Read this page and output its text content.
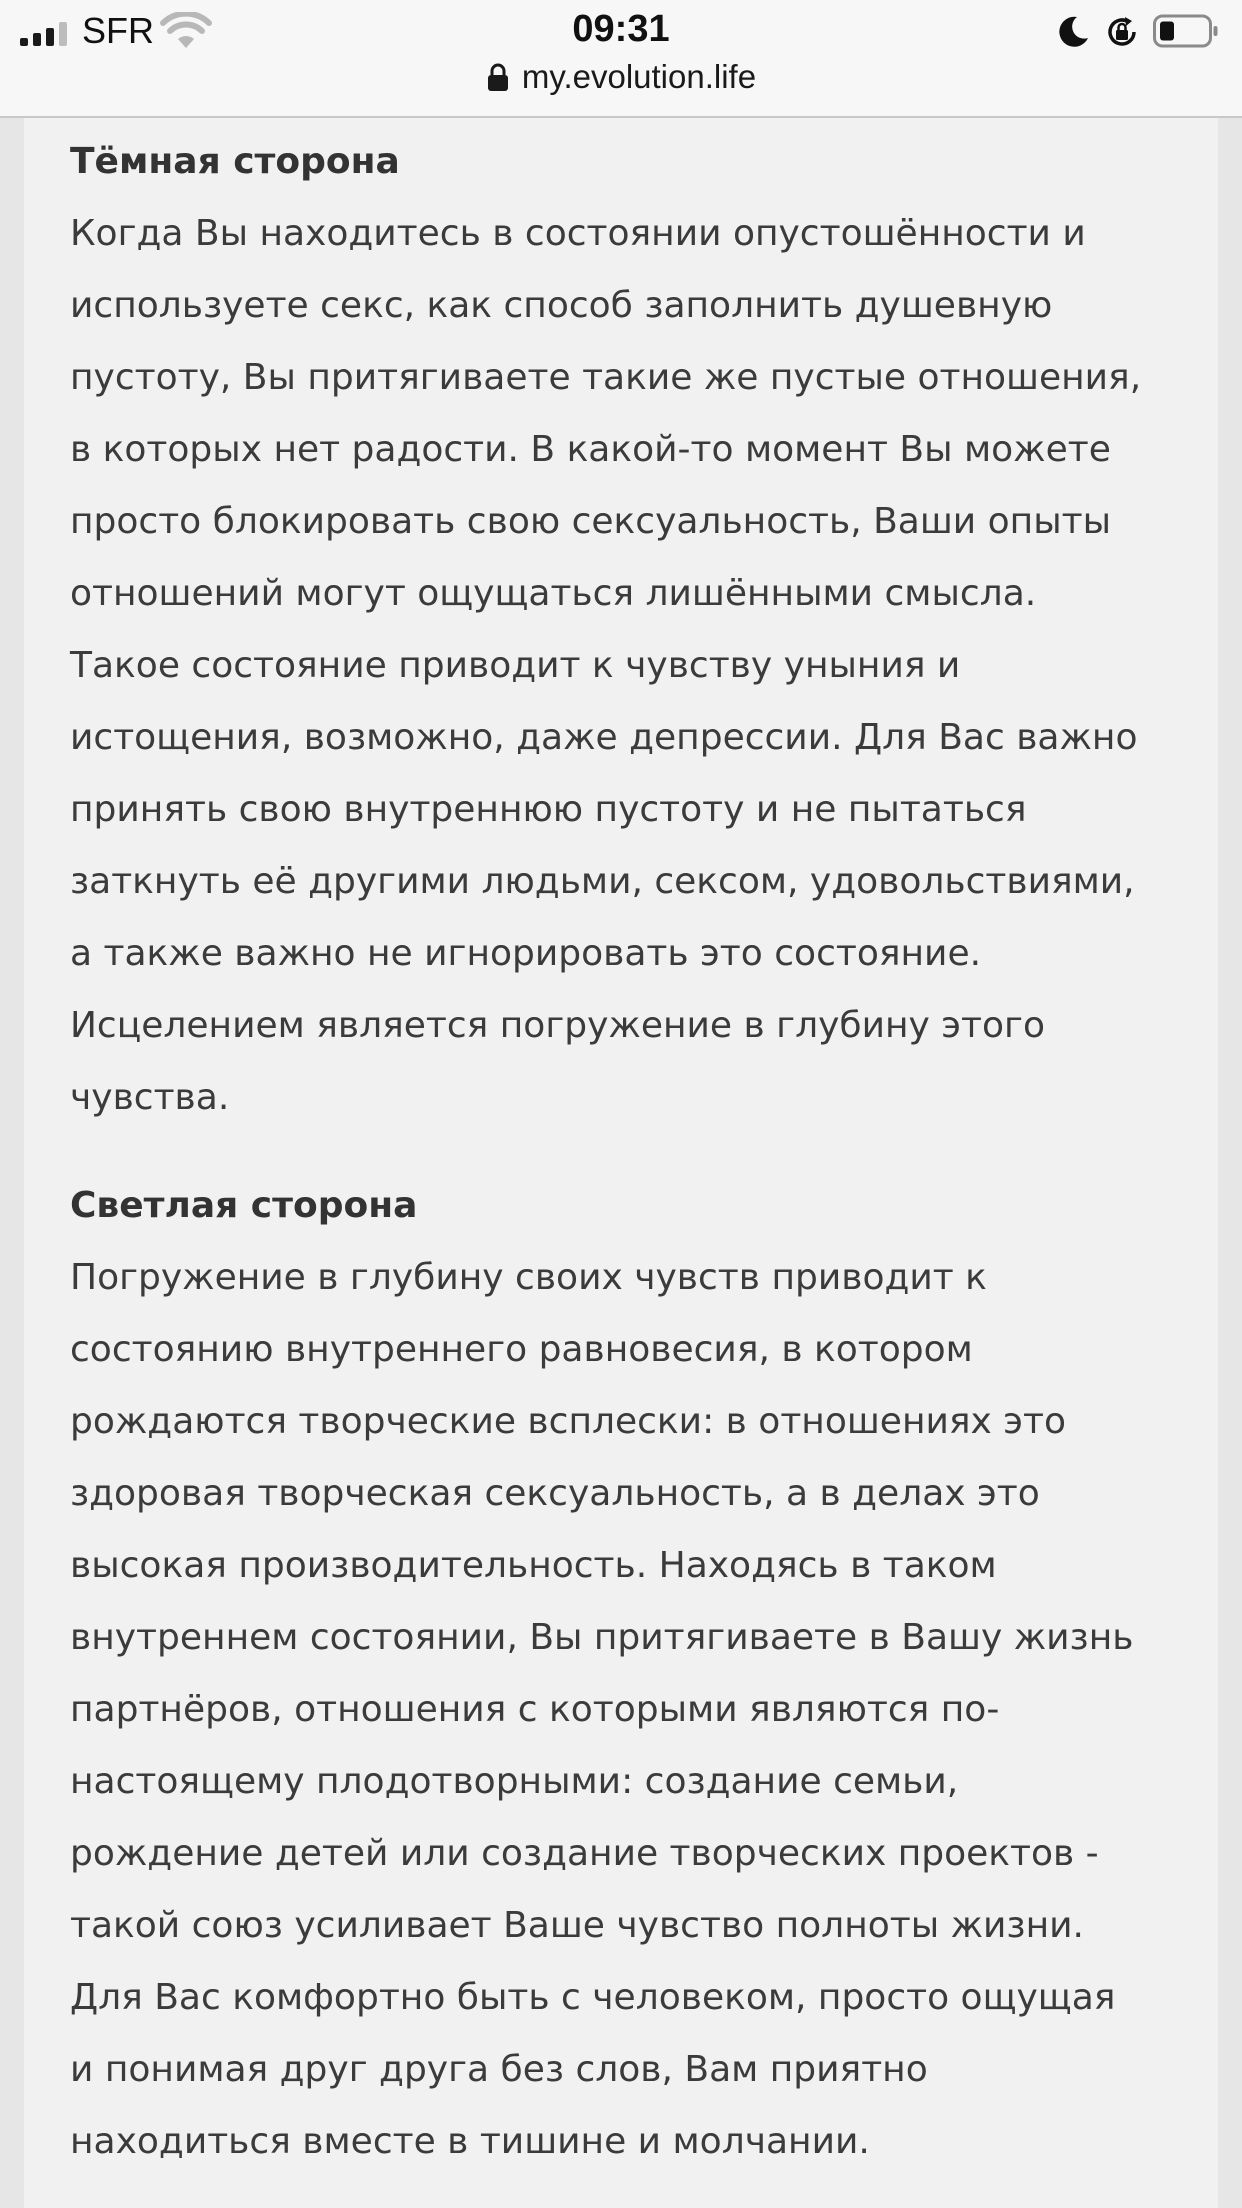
SFR	09:31
my.evolution.life
Тёмная сторона
Когда Вы находитесь в состоянии опустошённости и
используете секс, как способ заполнить душевную
пустоту, Вы притягиваете такие же пустые отношения,
в которых нет радости. В какой-то момент Вы можете
просто блокировать свою сексуальность, Ваши опыты
отношений могут ощущаться лишёнными смысла.
Такое состояние приводит к чувству уныния и
истощения, возможно, даже депрессии. Для Вас важно
принять свою внутреннюю пустоту и не пытаться
заткнуть её другими людьми, сексом, удовольствиями,
а также важно не игнорировать это состояние.
Исцелением является погружение в глубину этого
чувства.
Светлая сторона
Погружение в глубину своих чувств приводит к
состоянию внутреннего равновесия, в котором
рождаются творческие всплески: в отношениях это
здоровая творческая сексуальность, а в делах это
высокая производительность. Находясь в таком
внутреннем состоянии, Вы притягиваете в Вашу жизнь
партнёров, отношения с которыми являются по-
настоящему плодотворными: создание семьи,
рождение детей или создание творческих проектов -
такой союз усиливает Ваше чувство полноты жизни.
Для Вас комфортно быть с человеком, просто ощущая
и понимая друг друга без слов, Вам приятно
находиться вместе в тишине и молчании.
